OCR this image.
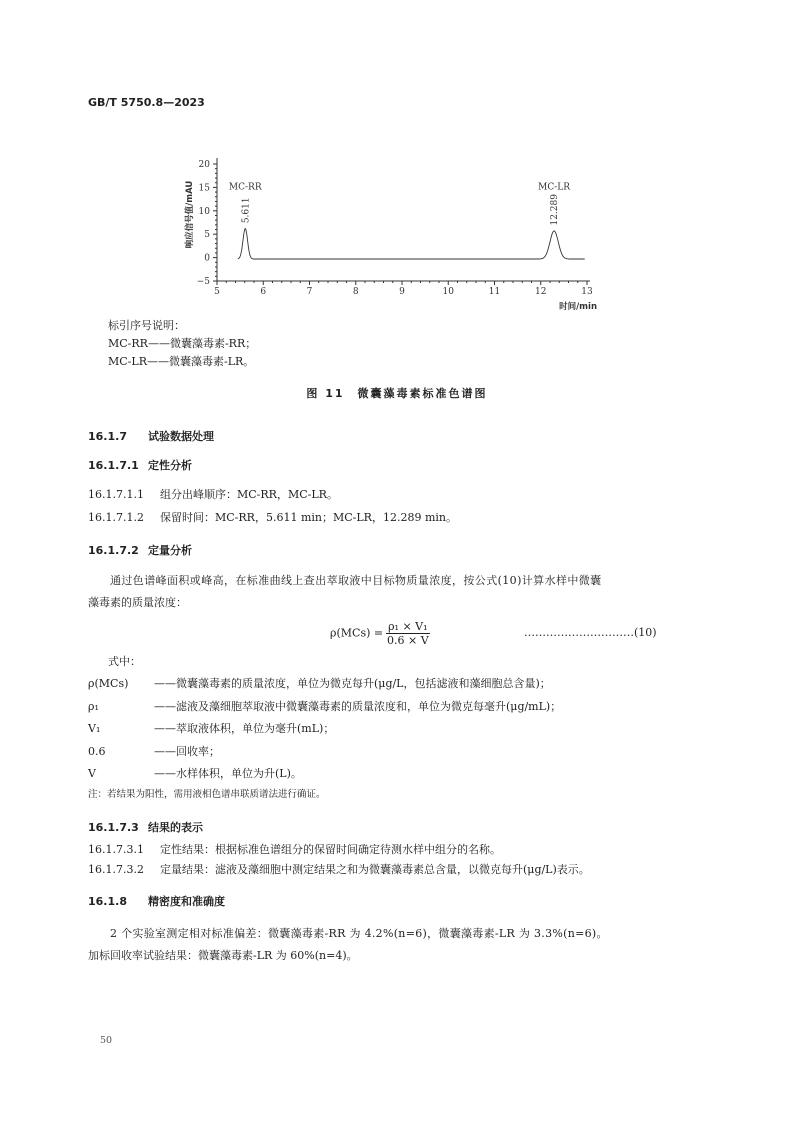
GB/T 5750.8—2023
5	6	7	8	9	10	11	12	13
−5
0
5
10
15
20
时间/min
响应信号值/mAU	5.611
MC-RR
12.289
MC-LR
标引序号说明：
MC-RR——微囊藻毒素-RR；
MC-LR——微囊藻毒素-LR。
图 11　微囊藻毒素标准色谱图
16.1.7 试验数据处理
16.1.7.1 定性分析
16.1.7.1.1 组分出峰顺序：MC-RR，MC-LR。
16.1.7.1.2 保留时间：MC-RR，5.611 min；MC-LR，12.289 min。
16.1.7.2 定量分析
通过色谱峰面积或峰高，在标准曲线上查出萃取液中目标物质量浓度，按公式(10)计算水样中微囊
藻毒素的质量浓度：
$\rho(MCs) = \frac{\text{ρ₁ × V₁}}{0.6 \times V}$	…………………………(10)
式中：
ρ(MCs) ——微囊藻毒素的质量浓度，单位为微克每升(μg/L，包括滤液和藻细胞总含量)；
ρ₁	——滤液及藻细胞萃取液中微囊藻毒素的质量浓度和，单位为微克每毫升(μg/mL)；
V₁	——萃取液体积，单位为毫升(mL)；
0.6	——回收率；
V	——水样体积，单位为升(L)。
注：若结果为阳性，需用液相色谱串联质谱法进行确证。
16.1.7.3 结果的表示
16.1.7.3.1 定性结果：根据标准色谱组分的保留时间确定待测水样中组分的名称。
16.1.7.3.2 定量结果：滤液及藻细胞中测定结果之和为微囊藻毒素总含量，以微克每升(μg/L)表示。
16.1.8 精密度和准确度
2 个实验室测定相对标准偏差：微囊藻毒素-RR 为 4.2%(n=6)，微囊藻毒素-LR 为 3.3%(n=6)。
加标回收率试验结果：微囊藻毒素-LR 为 60%(n=4)。
50
